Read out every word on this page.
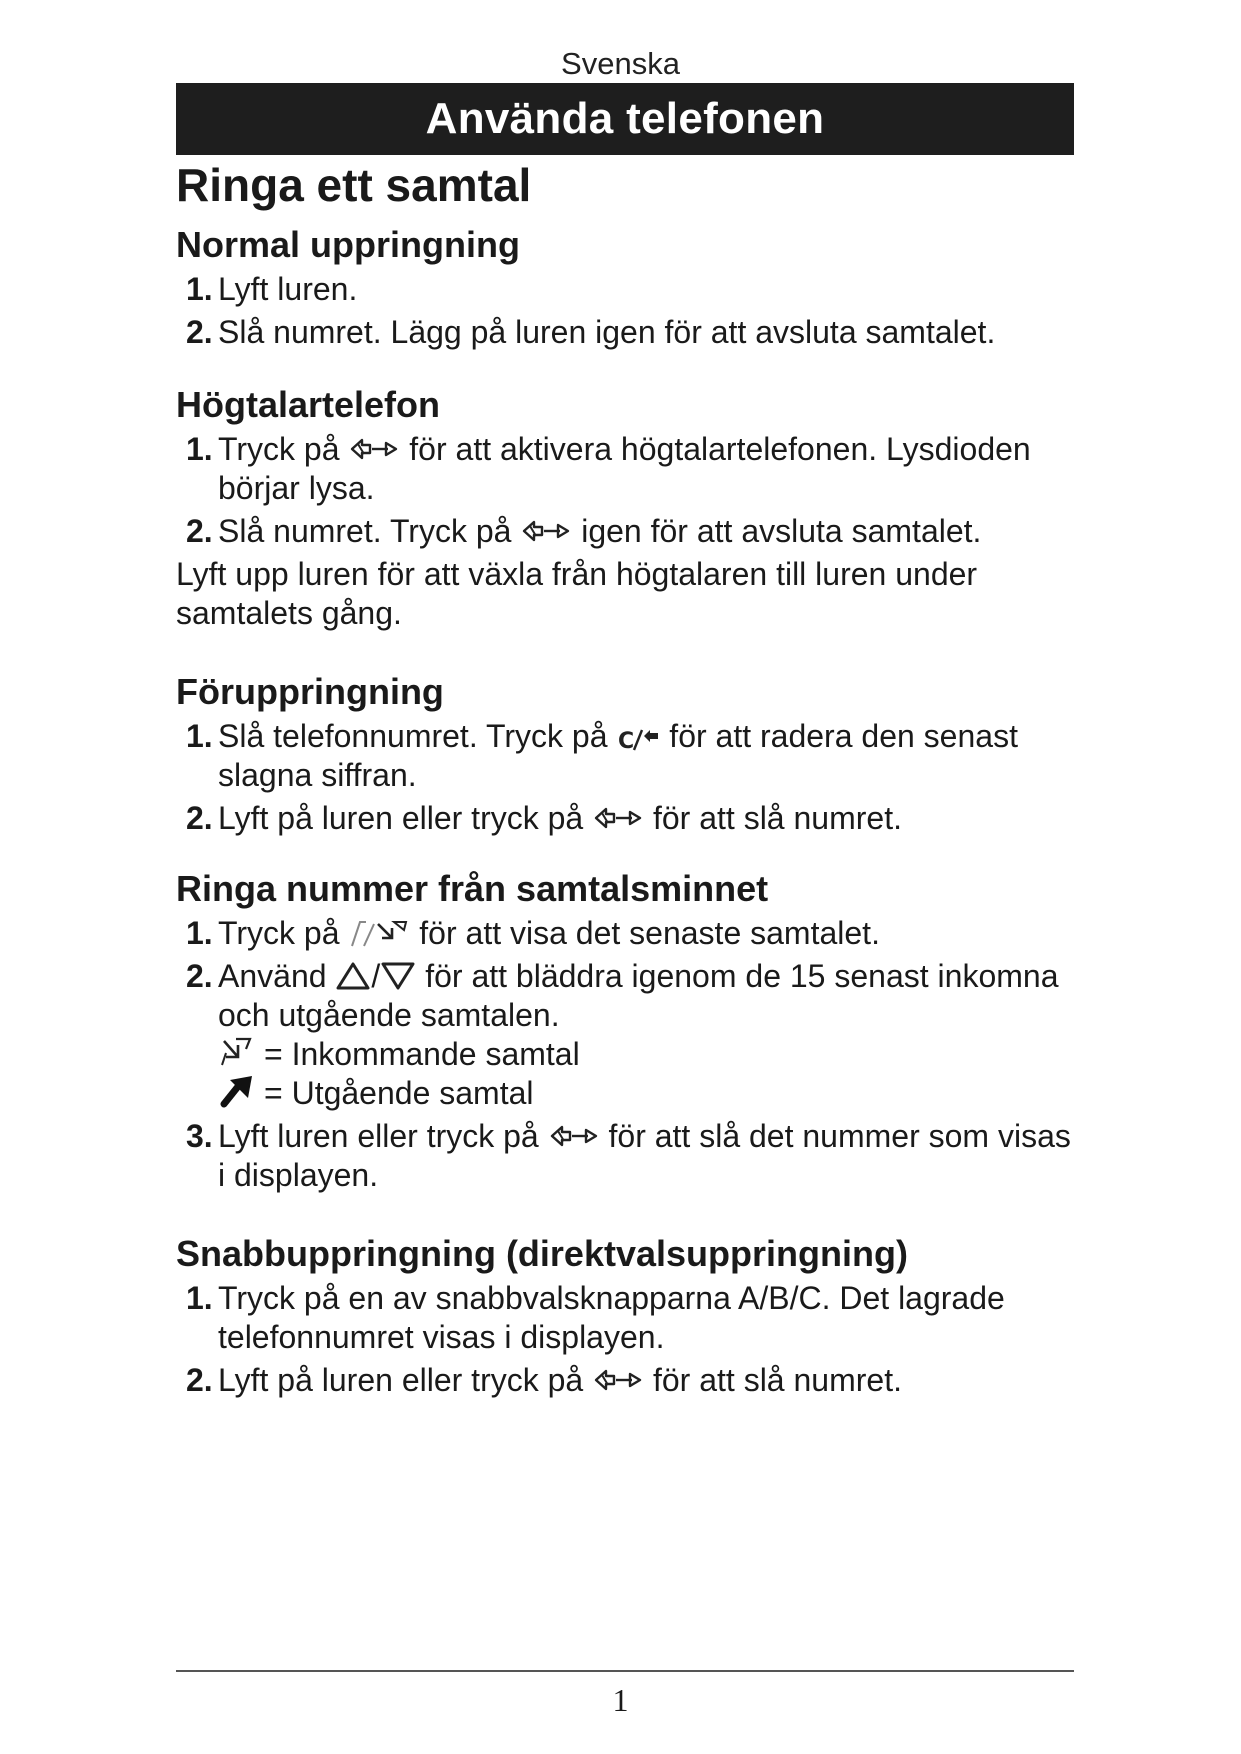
Svenska
Använda telefonen
Ringa ett samtal
Normal uppringning
1. Lyft luren.
2. Slå numret. Lägg på luren igen för att avsluta samtalet.
Högtalartelefon
1. Tryck på för att aktivera högtalartelefonen. Lysdioden börjar lysa.
2. Slå numret. Tryck på igen för att avsluta samtalet.
Lyft upp luren för att växla från högtalaren till luren under samtalets gång.
Föruppringning
1. Slå telefonnumret. Tryck på C för att radera den senast slagna siffran.
2. Lyft på luren eller tryck på för att slå numret.
Ringa nummer från samtalsminnet
1. Tryck på för att visa det senaste samtalet.
2. Använd / för att bläddra igenom de 15 senast inkomna och utgående samtalen.
= Inkommande samtal
= Utgående samtal
3. Lyft luren eller tryck på för att slå det nummer som visas i displayen.
Snabbuppringning (direktvalsuppringning)
1. Tryck på en av snabbvalsknapparna A/B/C. Det lagrade telefonnumret visas i displayen.
2. Lyft på luren eller tryck på för att slå numret.
1
